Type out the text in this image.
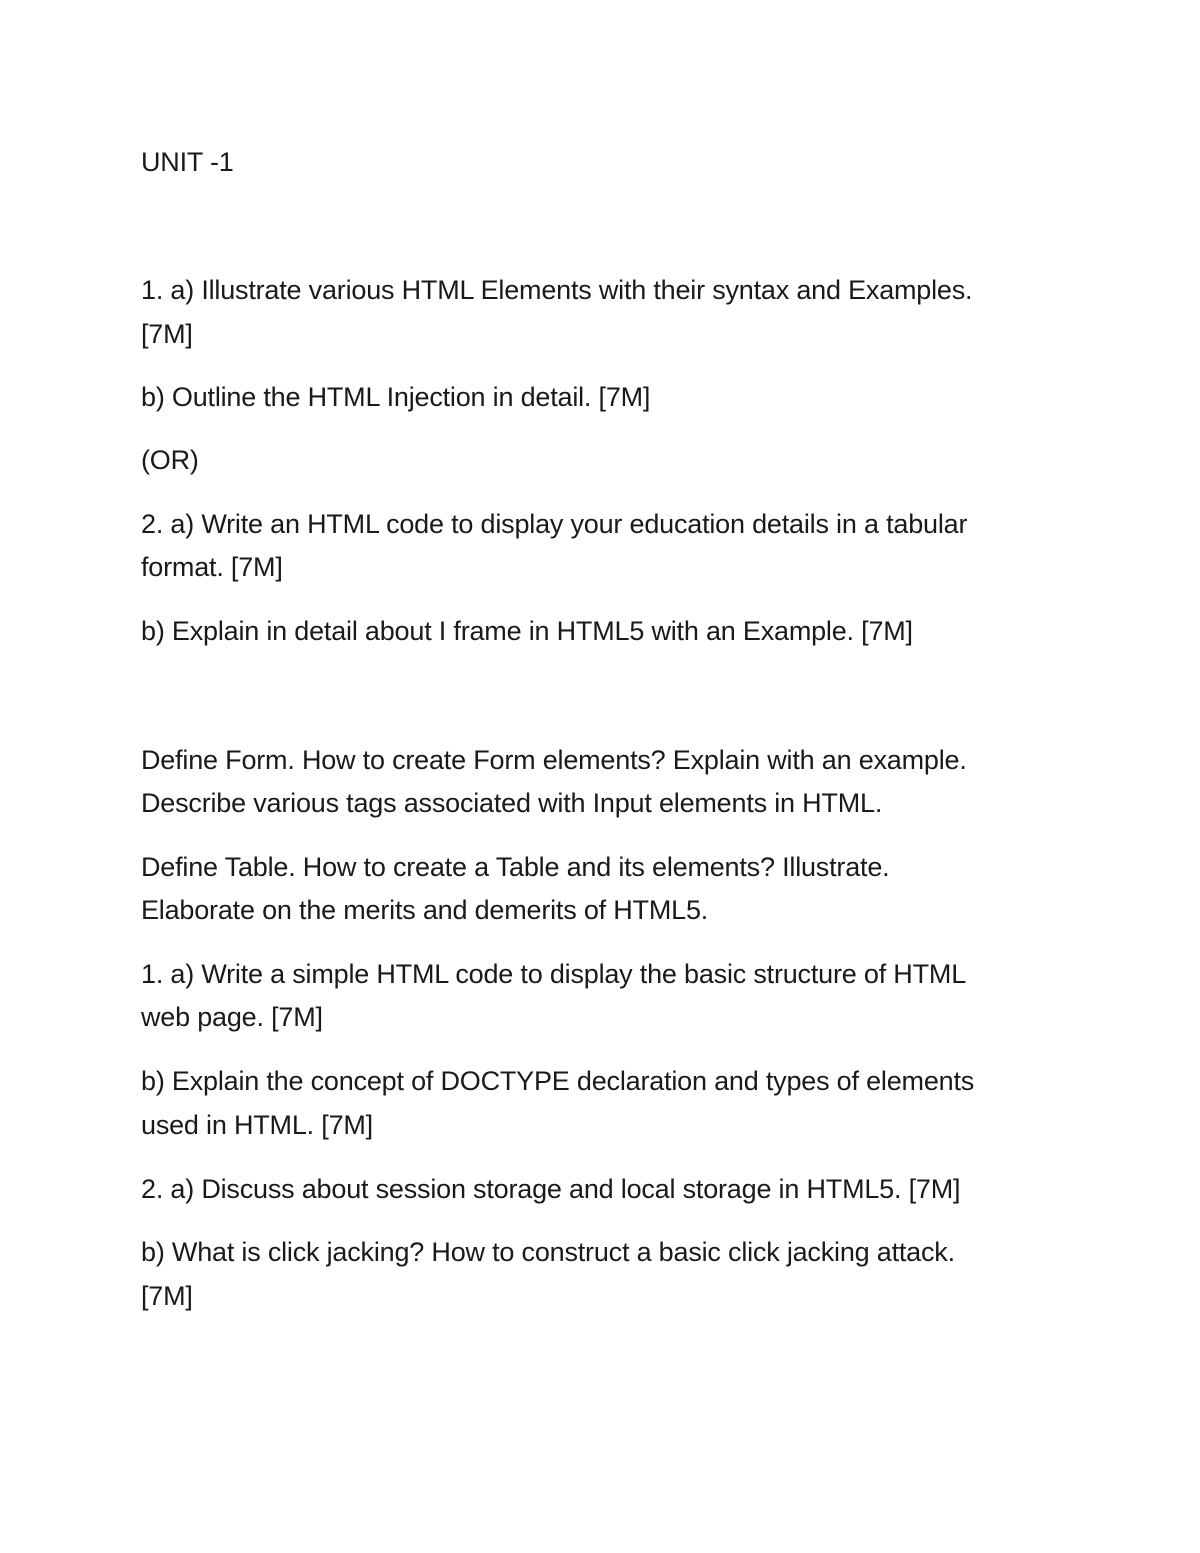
UNIT -1
1. a) Illustrate various HTML Elements with their syntax and Examples.
[7M]
b) Outline the HTML Injection in detail. [7M]
(OR)
2. a) Write an HTML code to display your education details in a tabular
format. [7M]
b) Explain in detail about I frame in HTML5 with an Example. [7M]
Define Form. How to create Form elements? Explain with an example.
Describe various tags associated with Input elements in HTML.
Define Table. How to create a Table and its elements? Illustrate.
Elaborate on the merits and demerits of HTML5.
1. a) Write a simple HTML code to display the basic structure of HTML
web page. [7M]
b) Explain the concept of DOCTYPE declaration and types of elements
used in HTML. [7M]
2. a) Discuss about session storage and local storage in HTML5. [7M]
b) What is click jacking? How to construct a basic click jacking attack.
[7M]
